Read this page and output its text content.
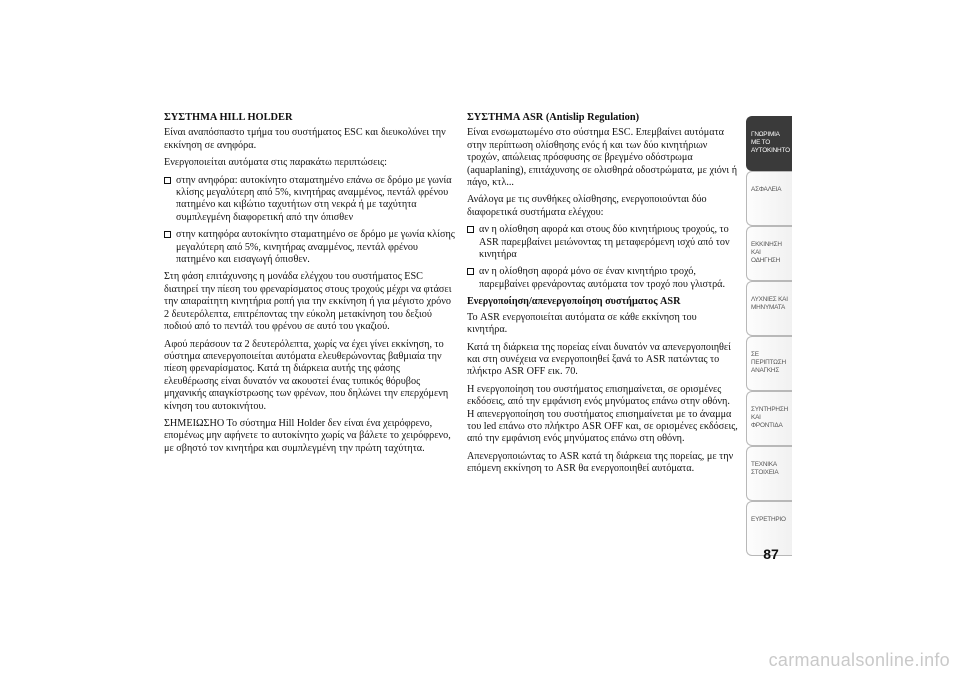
ΣΥΣΤΗΜΑ HILL HOLDER

Είναι αναπόσπαστο τμήμα του συστήματος ESC και διευκολύνει την εκκίνηση σε ανηφόρα.

Ενεργοποιείται αυτόματα στις παρακάτω περιπτώσεις:

στην ανηφόρα: αυτοκίνητο σταματημένο επάνω σε δρόμο με γωνία κλίσης μεγαλύτερη από 5%, κινητήρας αναμμένος, πεντάλ φρένου πατημένο και κιβώτιο ταχυτήτων στη νεκρά ή με ταχύτητα συμπλεγμένη διαφορετική από την όπισθεν
στην κατηφόρα αυτοκίνητο σταματημένο σε δρόμο με γωνία κλίσης μεγαλύτερη από 5%, κινητήρας αναμμένος, πεντάλ φρένου πατημένο και εισαγωγή όπισθεν.

Στη φάση επιτάχυνσης η μονάδα ελέγχου του συστήματος ESC διατηρεί την πίεση του φρεναρίσματος στους τροχούς μέχρι να φτάσει την απαραίτητη κινητήρια ροπή για την εκκίνηση ή για μέγιστο χρόνο 2 δευτερόλεπτα, επιτρέποντας την εύκολη μετακίνηση του δεξιού ποδιού από το πεντάλ του φρένου σε αυτό του γκαζιού.

Αφού περάσουν τα 2 δευτερόλεπτα, χωρίς να έχει γίνει εκκίνηση, το σύστημα απενεργοποιείται αυτόματα ελευθερώνοντας βαθμιαία την πίεση φρεναρίσματος. Κατά τη διάρκεια αυτής της φάσης ελευθέρωσης είναι δυνατόν να ακουστεί ένας τυπικός θόρυβος μηχανικής απαγκίστρωσης των φρένων, που δηλώνει την επερχόμενη κίνηση του αυτοκινήτου.

ΣΗΜΕΙΩΣΗΟ Το σύστημα Hill Holder δεν είναι ένα χειρόφρενο, επομένως μην αφήνετε το αυτοκίνητο χωρίς να βάλετε το χειρόφρενο, με σβηστό τον κινητήρα και συμπλεγμένη την πρώτη ταχύτητα.

ΣΥΣΤΗΜΑ ASR (Antislip Regulation)

Είναι ενσωματωμένο στο σύστημα ESC. Επεμβαίνει αυτόματα στην περίπτωση ολίσθησης ενός ή και των δύο κινητήριων τροχών, απώλειας πρόσφυσης σε βρεγμένο οδόστρωμα (aquaplaning), επιτάχυνσης σε ολισθηρά οδοστρώματα, με χιόνι ή πάγο, κτλ...

Ανάλογα με τις συνθήκες ολίσθησης, ενεργοποιούνται δύο διαφορετικά συστήματα ελέγχου:

αν η ολίσθηση αφορά και στους δύο κινητήριους τροχούς, το ASR παρεμβαίνει μειώνοντας τη μεταφερόμενη ισχύ από τον κινητήρα
αν η ολίσθηση αφορά μόνο σε έναν κινητήριο τροχό, παρεμβαίνει φρενάροντας αυτόματα τον τροχό που γλιστρά.
Ενεργοποίηση/απενεργοποίηση συστήματος ASR

Το ASR ενεργοποιείται αυτόματα σε κάθε εκκίνηση του κινητήρα.

Κατά τη διάρκεια της πορείας είναι δυνατόν να απενεργοποιηθεί και στη συνέχεια να ενεργοποιηθεί ξανά το ASR πατώντας το πλήκτρο ASR OFF εικ. 70.

Η ενεργοποίηση του συστήματος επισημαίνεται, σε ορισμένες εκδόσεις, από την εμφάνιση ενός μηνύματος επάνω στην οθόνη. Η απενεργοποίηση του συστήματος επισημαίνεται με το άναμμα του led επάνω στο πλήκτρο ASR OFF και, σε ορισμένες εκδόσεις, από την εμφάνιση ενός μηνύματος επάνω στη οθόνη.

Απενεργοποιώντας το ASR κατά τη διάρκεια της πορείας, με την επόμενη εκκίνηση το ASR θα ενεργοποιηθεί αυτόματα.

ΓΝΩΡΙΜΙΑ ΜΕ ΤΟ ΑΥΤΟΚΙΝΗΤΟ
ΑΣΦΑΛΕΙΑ
ΕΚΚΙΝΗΣΗ ΚΑΙ ΟΔΗΓΗΣΗ
ΛΥΧΝΙΕΣ ΚΑΙ ΜΗΝΥΜΑΤΑ
ΣΕ ΠΕΡΙΠΤΩΣΗ ΑΝΑΓΚΗΣ
ΣΥΝΤΗΡΗΣΗ ΚΑΙ ΦΡΟΝΤΙΔΑ
ΤΕΧΝΙΚΑ ΣΤΟΙΧΕΙΑ
ΕΥΡΕΤΗΡΙΟ
87
carmanualsonline.info
